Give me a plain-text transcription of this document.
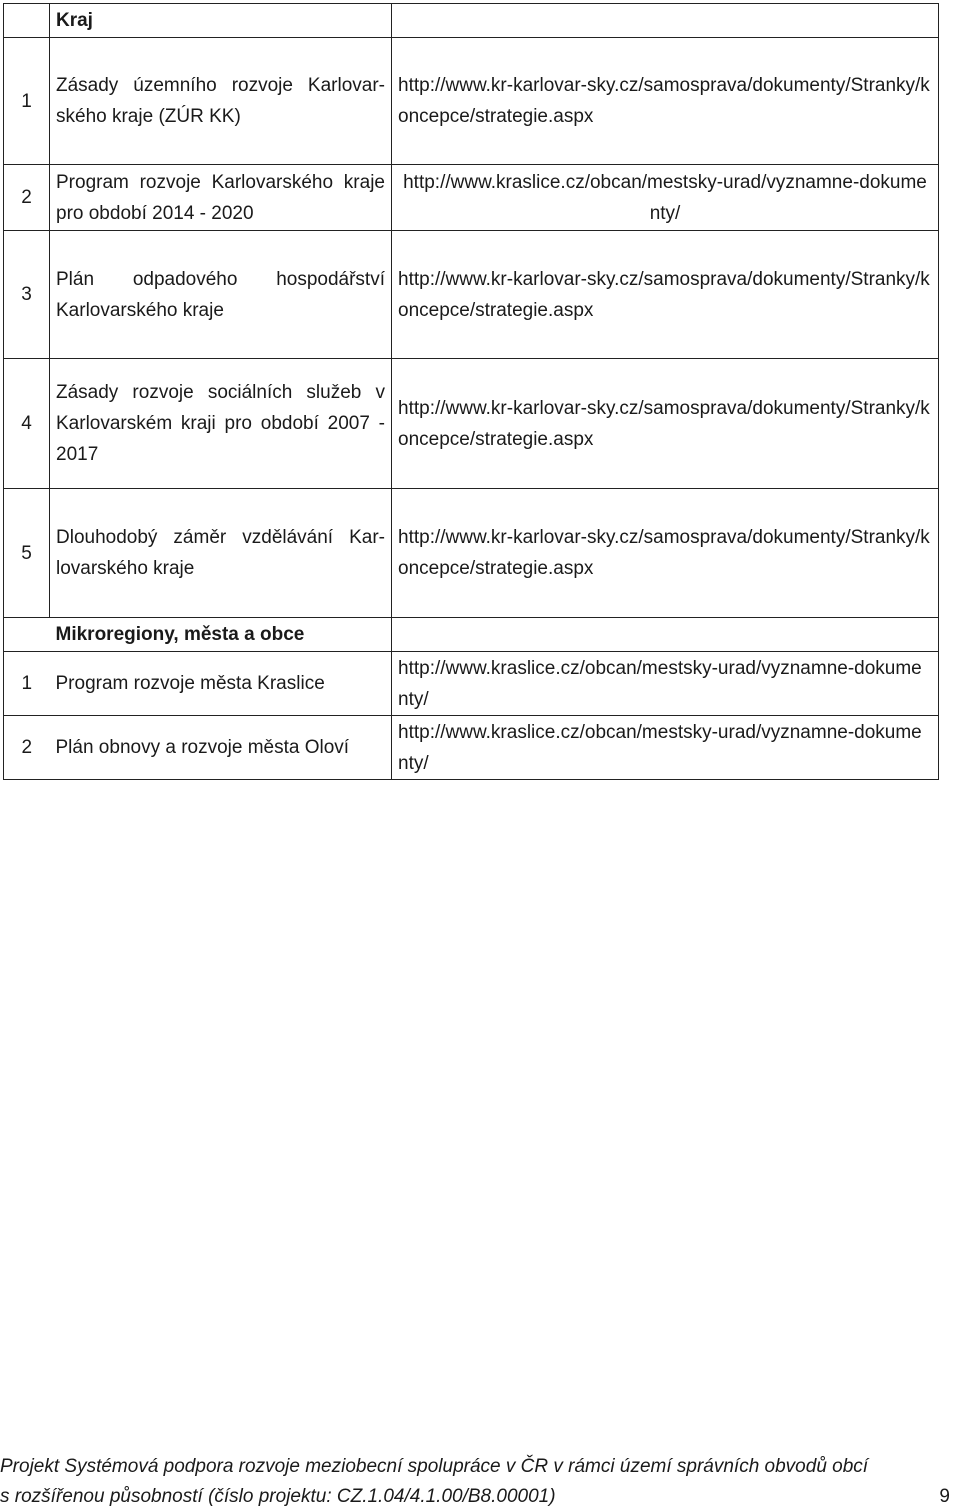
	Kraj	
1	Zásady územního rozvoje Karlovarského kraje (ZÚR KK)	http://www.kr-karlovar-sky.cz/samosprava/dokumenty/Stranky/koncepce/strategie.aspx
2	Program rozvoje Karlovarského kraje pro období 2014 - 2020	http://www.kraslice.cz/obcan/mestsky-urad/vyznamne-dokumenty/
3	Plán odpadového hospodářství Karlovarského kraje	http://www.kr-karlovar-sky.cz/samosprava/dokumenty/Stranky/koncepce/strategie.aspx
4	Zásady rozvoje sociálních služeb v Karlovarském kraji pro období 2007 - 2017	http://www.kr-karlovar-sky.cz/samosprava/dokumenty/Stranky/koncepce/strategie.aspx
5	Dlouhodobý záměr vzdělávání Karlovarského kraje	http://www.kr-karlovar-sky.cz/samosprava/dokumenty/Stranky/koncepce/strategie.aspx
	Mikroregiony, města a obce	
1	Program rozvoje města Kraslice	http://www.kraslice.cz/obcan/mestsky-urad/vyznamne-dokumenty/
2	Plán obnovy a rozvoje města Oloví	http://www.kraslice.cz/obcan/mestsky-urad/vyznamne-dokumenty/
Projekt Systémová podpora rozvoje meziobecní spolupráce v ČR v rámci území správních obvodů obcí
s rozšířenou působností (číslo projektu: CZ.1.04/4.1.00/B8.00001)	9
